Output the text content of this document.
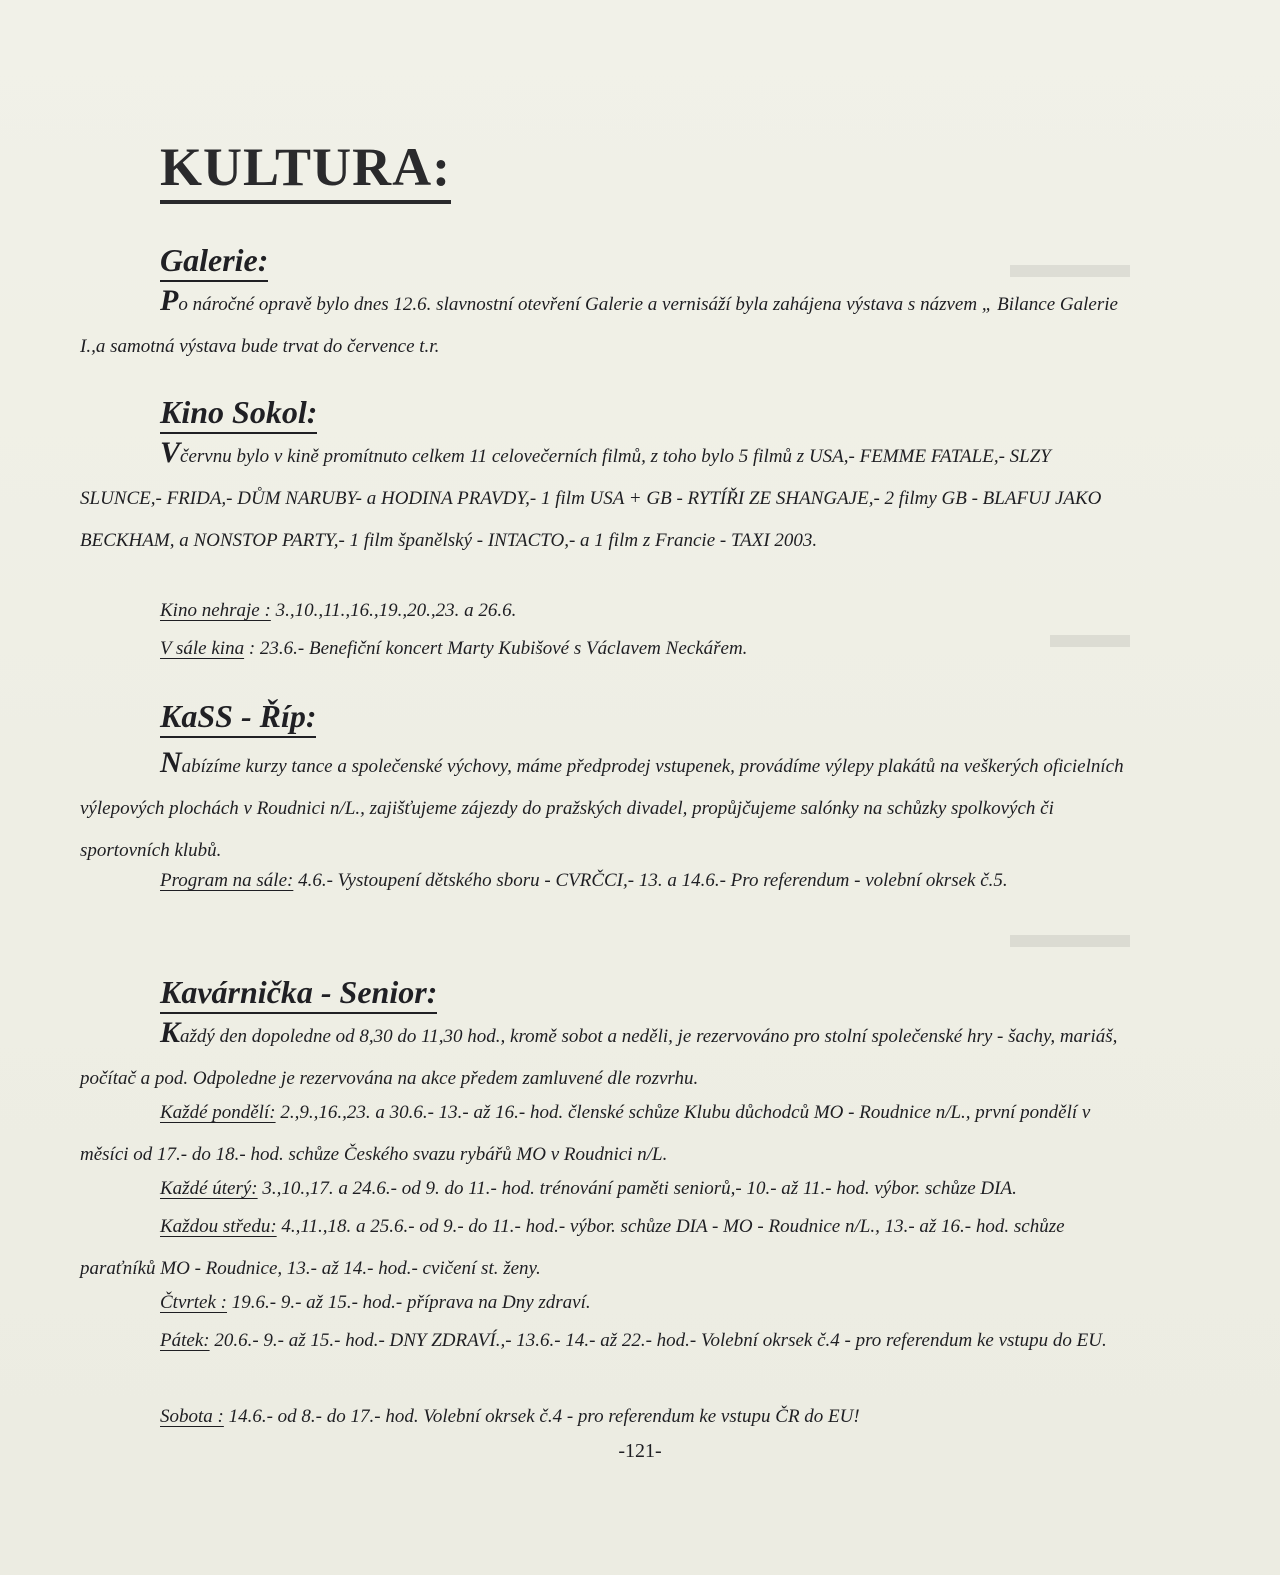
▬▬▬
▬▬
▬▬▬
KULTURA:
Galerie:

Po náročné opravě bylo dnes 12.6. slavnostní otevření Galerie a vernisáží byla zahájena výstava s názvem „ Bilance Galerie I.,a samotná výstava bude trvat do července t.r.

Kino Sokol:

Včervnu bylo v kině promítnuto celkem 11 celovečerních filmů, z toho bylo 5 filmů z USA,- FEMME FATALE,- SLZY SLUNCE,- FRIDA,- DŮM NARUBY- a HODINA PRAVDY,- 1 film USA + GB - RYTÍŘI ZE SHANGAJE,- 2 filmy GB - BLAFUJ JAKO BECKHAM, a NONSTOP PARTY,- 1 film španělský - INTACTO,- a 1 film z Francie - TAXI 2003.

Kino nehraje : 3.,10.,11.,16.,19.,20.,23. a 26.6.

V sále kina : 23.6.- Benefiční koncert Marty Kubišové s Václavem Neckářem.

KaSS - Říp:

Nabízíme kurzy tance a společenské výchovy, máme předprodej vstupenek, provádíme výlepy plakátů na veškerých oficielních výlepových plochách v Roudnici n/L., zajišťujeme zájezdy do pražských divadel, propůjčujeme salónky na schůzky spolkových či sportovních klubů.

Program na sále: 4.6.- Vystoupení dětského sboru - CVRČCI,- 13. a 14.6.- Pro referendum - volební okrsek č.5.

Kavárnička - Senior:

Každý den dopoledne od 8,30 do 11,30 hod., kromě sobot a neděli, je rezervováno pro stolní společenské hry - šachy, mariáš, počítač a pod. Odpoledne je rezervována na akce předem zamluvené dle rozvrhu.

Každé pondělí: 2.,9.,16.,23. a 30.6.- 13.- až 16.- hod. členské schůze Klubu důchodců MO - Roudnice n/L., první pondělí v měsíci od 17.- do 18.- hod. schůze Českého svazu rybářů MO v Roudnici n/L.

Každé úterý: 3.,10.,17. a 24.6.- od 9. do 11.- hod. trénování paměti seniorů,- 10.- až 11.- hod. výbor. schůze DIA.

Každou středu: 4.,11.,18. a 25.6.- od 9.- do 11.- hod.- výbor. schůze DIA - MO - Roudnice n/L., 13.- až 16.- hod. schůze paraťníků MO - Roudnice, 13.- až 14.- hod.- cvičení st. ženy.

Čtvrtek : 19.6.- 9.- až 15.- hod.- příprava na Dny zdraví.

Pátek: 20.6.- 9.- až 15.- hod.- DNY ZDRAVÍ.,- 13.6.- 14.- až 22.- hod.- Volební okrsek č.4 - pro referendum ke vstupu do EU.

Sobota : 14.6.- od 8.- do 17.- hod. Volební okrsek č.4 - pro referendum ke vstupu ČR do EU!

-121-
